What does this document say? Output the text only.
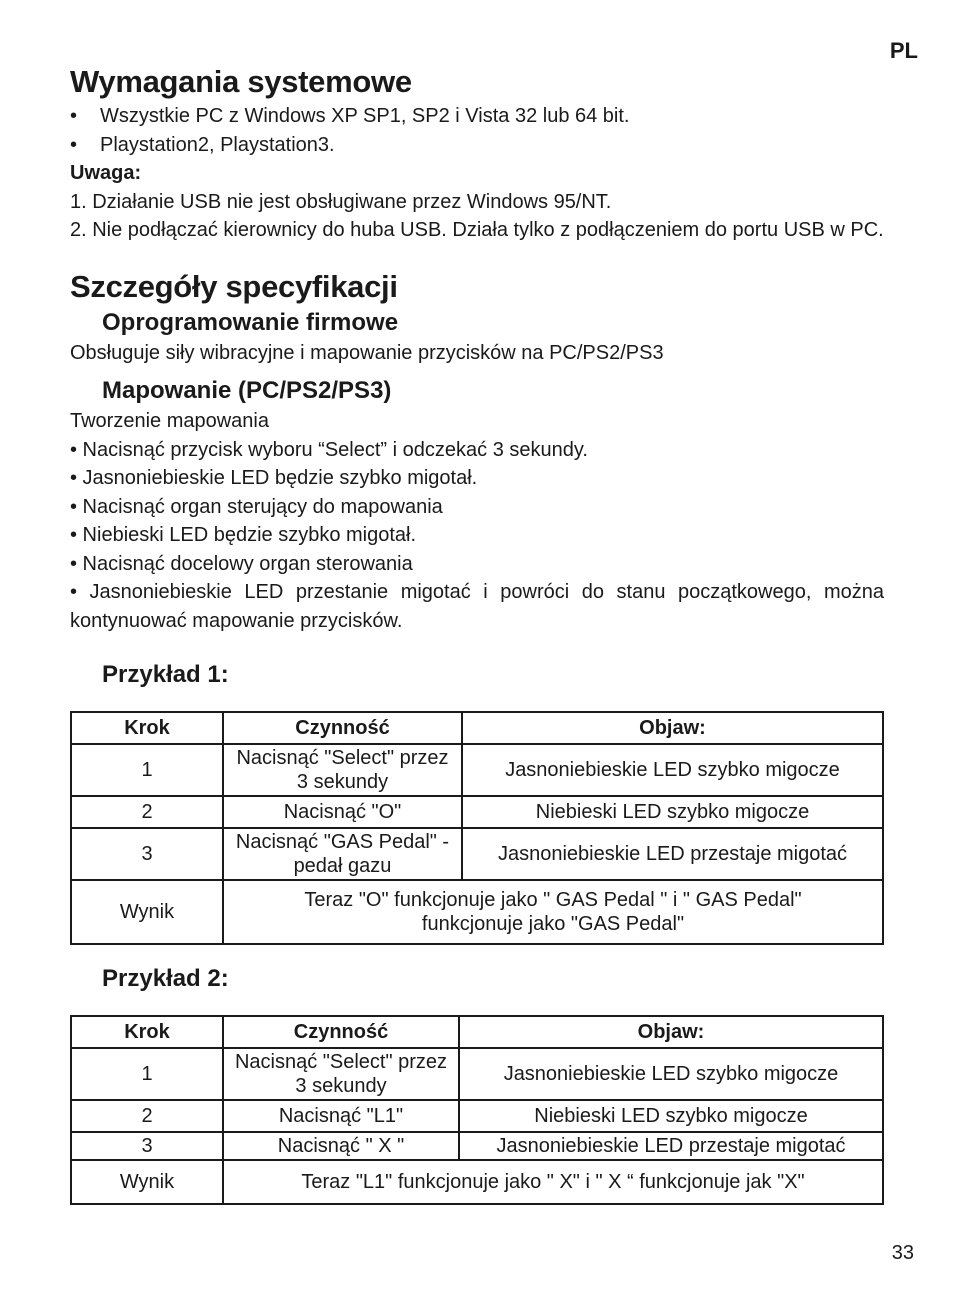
PL
Wymagania systemowe
• Wszystkie PC z Windows XP SP1, SP2 i Vista 32 lub 64 bit.
• Playstation2, Playstation3.

Uwaga:

1. Działanie USB nie jest obsługiwane przez Windows 95/NT.

2. Nie podłączać kierownicy do huba USB. Działa tylko z podłączeniem do portu USB w PC.

Szczegóły specyfikacji
Oprogramowanie firmowe

Obsługuje siły wibracyjne i mapowanie przycisków na PC/PS2/PS3

Mapowanie (PC/PS2/PS3)

Tworzenie mapowania

• Nacisnąć przycisk wyboru “Select” i odczekać 3 sekundy.

• Jasnoniebieskie LED będzie szybko migotał.

• Nacisnąć organ sterujący do mapowania

• Niebieski LED będzie szybko migotał.

• Nacisnąć docelowy organ sterowania

• Jasnoniebieskie LED przestanie migotać i powróci do stanu początkowego, można kontynuować mapowanie przycisków.

Przykład 1:
Krok	Czynność	Objaw:
1	Nacisnąć "Select" przez 3 sekundy	Jasnoniebieskie LED szybko migocze
2	Nacisnąć "O"	Niebieski LED szybko migocze
3	Nacisnąć "GAS Pedal" - pedał gazu	Jasnoniebieskie LED przestaje migotać
Wynik	Teraz "O" funkcjonuje jako " GAS Pedal " i " GAS Pedal" funkcjonuje jako "GAS Pedal"	
Przykład 2:
Krok	Czynność	Objaw:
1	Nacisnąć "Select" przez 3 sekundy	Jasnoniebieskie LED szybko migocze
2	Nacisnąć "L1"	Niebieski LED szybko migocze
3	Nacisnąć " X "	Jasnoniebieskie LED przestaje migotać
Wynik	Teraz "L1" funkcjonuje jako " X" i " X “ funkcjonuje jak "X"	
33
